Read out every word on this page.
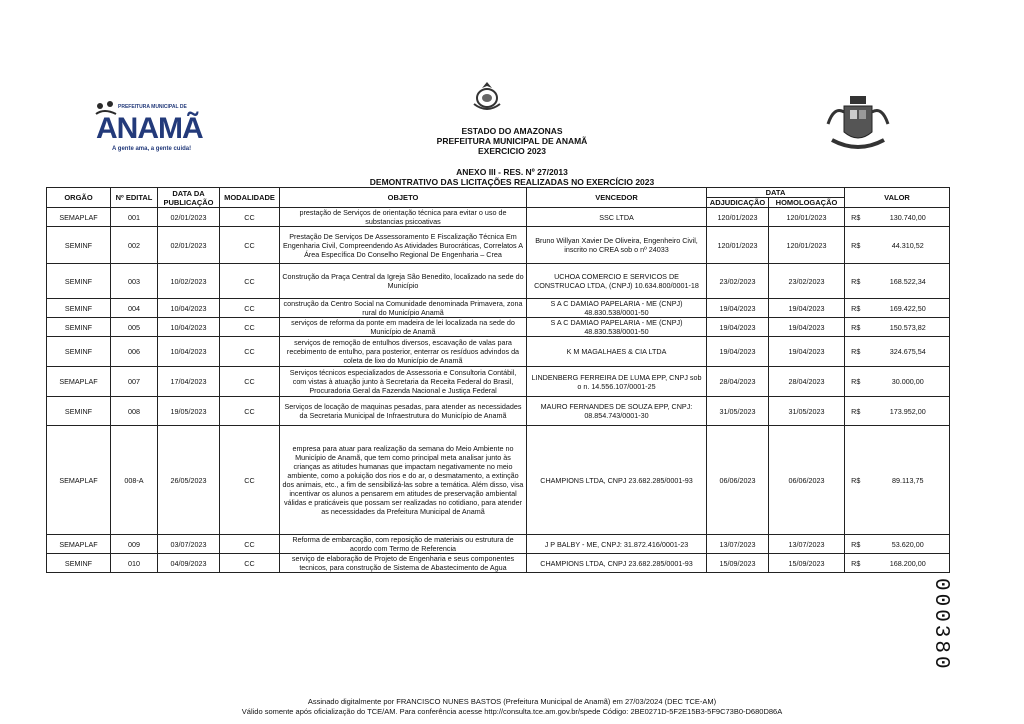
PREFEITURA MUNICIPAL DE
ANAMÃ
A gente ama, a gente cuida!
ESTADO DO AMAZONAS
PREFEITURA MUNICIPAL DE ANAMÃ
EXERCICIO 2023
ANEXO III - RES. Nº 27/2013
DEMONTRATIVO DAS LICITAÇÕES REALIZADAS NO EXERCÍCIO 2023
ORGÃO	Nº EDITAL	DATA DA PUBLICAÇÃO	MODALIDADE	OBJETO	VENCEDOR	DATA		VALOR	
						ADJUDICAÇÃO	HOMOLOGAÇÃO		
SEMAPLAF	001	02/01/2023	CC	prestação de Serviços de orientação técnica para evitar o uso de substancias psicoativas	SSC LTDA	120/01/2023	120/01/2023	R$	130.740,00
SEMINF	002	02/01/2023	CC	Prestação De Serviços De Assessoramento E Fiscalização Técnica Em Engenharia Civil, Compreendendo As Atividades Burocráticas, Correlatos A Área Específica Do Conselho Regional De Engenharia – Crea	Bruno Willyan Xavier De Oliveira, Engenheiro Civil, inscrito no CREA sob o nº 24033	120/01/2023	120/01/2023	R$	44.310,52
SEMINF	003	10/02/2023	CC	Construção da Praça Central da Igreja São Benedito, localizado na sede do Município	UCHOA COMERCIO E SERVICOS DE CONSTRUCAO LTDA, (CNPJ) 10.634.800/0001-18	23/02/2023	23/02/2023	R$	168.522,34
SEMINF	004	10/04/2023	CC	construção da Centro Social na Comunidade denominada Primavera, zona rural do Município Anamã	S A C DAMIAO PAPELARIA - ME (CNPJ) 48.830.538/0001-50	19/04/2023	19/04/2023	R$	169.422,50
SEMINF	005	10/04/2023	CC	serviços de reforma da ponte em madeira de lei localizada na sede do Município de Anamã	S A C DAMIAO PAPELARIA - ME (CNPJ) 48.830.538/0001-50	19/04/2023	19/04/2023	R$	150.573,82
SEMINF	006	10/04/2023	CC	serviços de remoção de entulhos diversos, escavação de valas para recebimento de entulho, para posterior, enterrar os resíduos advindos da coleta de lixo do Município de Anamã	K M MAGALHAES & CIA LTDA	19/04/2023	19/04/2023	R$	324.675,54
SEMAPLAF	007	17/04/2023	CC	Serviços técnicos especializados de Assessoria e Consultoria Contábil, com vistas à atuação junto à Secretaria da Receita Federal do Brasil, Procuradoria Geral da Fazenda Nacional e Justiça Federal	LINDENBERG FERREIRA DE LUMA EPP, CNPJ sob o n. 14.556.107/0001-25	28/04/2023	28/04/2023	R$	30.000,00
SEMINF	008	19/05/2023	CC	Serviços de locação de maquinas pesadas, para atender as necessidades da Secretaria Municipal de Infraestrutura do Município de Anamã	MAURO FERNANDES DE SOUZA EPP, CNPJ: 08.854.743/0001-30	31/05/2023	31/05/2023	R$	173.952,00
SEMAPLAF	008-A	26/05/2023	CC	empresa para atuar para realização da semana do Meio Ambiente no Município de Anamã, que tem como principal meta analisar junto às crianças as atitudes humanas que impactam negativamente no meio ambiente, como a poluição dos rios e do ar, o desmatamento, a extinção dos animais, etc., a fim de sensibilizá-las sobre a temática. Além disso, visa incentivar os alunos a pensarem em atitudes de preservação ambiental válidas e praticáveis que possam ser realizadas no cotidiano, para atender as necessidades da Prefeitura Municipal de Anamã	CHAMPIONS LTDA, CNPJ 23.682.285/0001-93	06/06/2023	06/06/2023	R$	89.113,75
SEMAPLAF	009	03/07/2023	CC	Reforma de embarcação, com reposição de materiais ou estrutura de acordo com Termo de Referencia	J P BALBY - ME, CNPJ: 31.872.416/0001-23	13/07/2023	13/07/2023	R$	53.620,00
SEMINF	010	04/09/2023	CC	serviço de elaboração de Projeto de Engenharia e seus componentes tecnicos, para construção de Sistema de Abastecimento de Agua	CHAMPIONS LTDA, CNPJ 23.682.285/0001-93	15/09/2023	15/09/2023	R$	168.200,00
000380
Assinado digitalmente por FRANCISCO NUNES BASTOS (Prefeitura Municipal de Anamã) em 27/03/2024 (DEC TCE-AM)
Válido somente após oficialização do TCE/AM. Para conferência acesse http://consulta.tce.am.gov.br/spede Código: 2BE0271D-5F2E15B3-5F9C73B0-D680D86A
